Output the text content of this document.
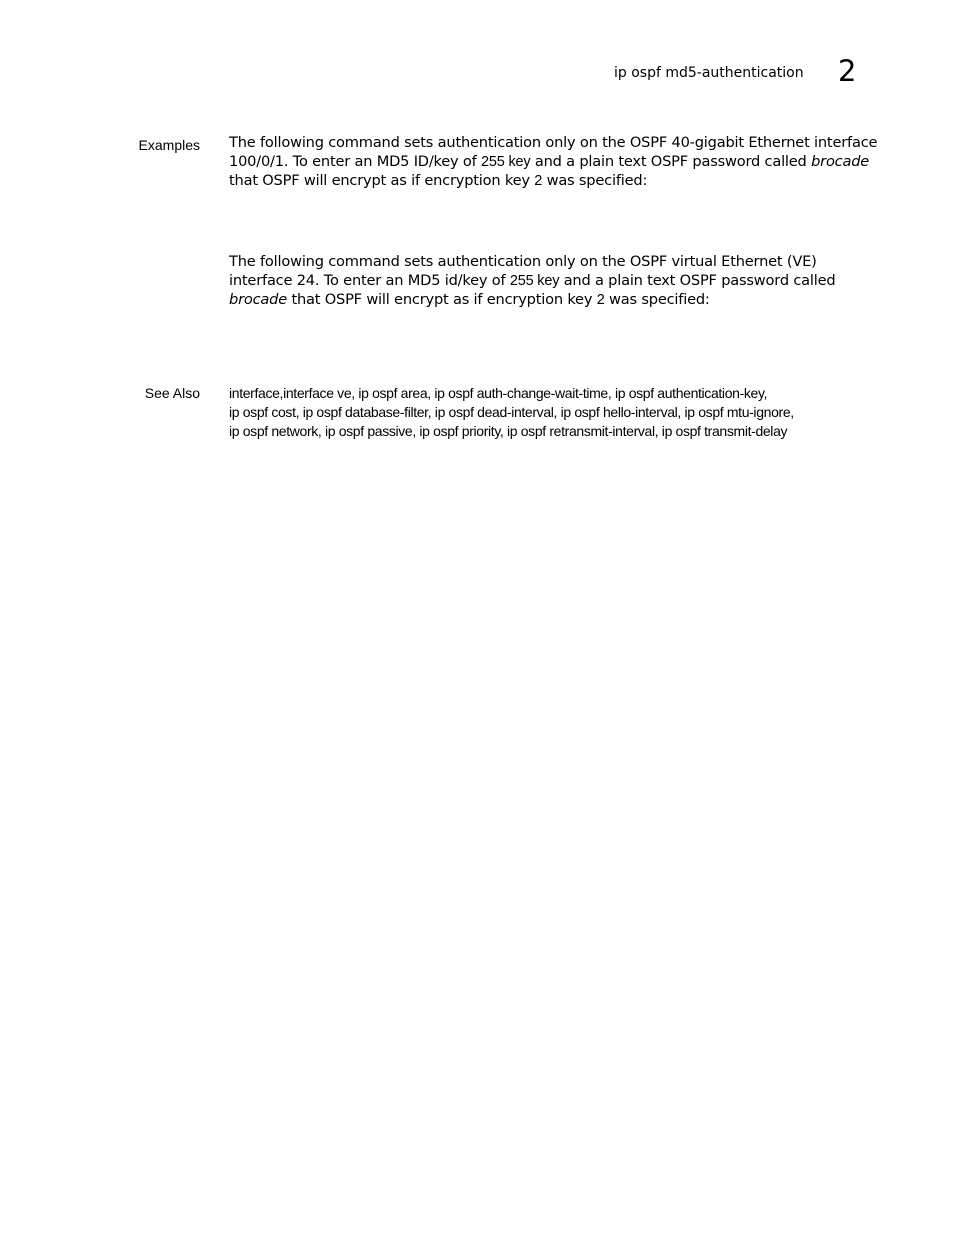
ip ospf md5-authentication 2
Examples The following command sets authentication only on the OSPF 40-gigabit Ethernet interface 100/0/1. To enter an MD5 ID/key of 255 key and a plain text OSPF password called brocade that OSPF will encrypt as if encryption key 2 was specified:

The following command sets authentication only on the OSPF virtual Ethernet (VE) interface 24. To enter an MD5 id/key of 255 key and a plain text OSPF password called brocade that OSPF will encrypt as if encryption key 2 was specified:

See Also interface,interface ve, ip ospf area, ip ospf auth-change-wait-time, ip ospf authentication-key,
ip ospf cost, ip ospf database-filter, ip ospf dead-interval, ip ospf hello-interval, ip ospf mtu-ignore,
ip ospf network, ip ospf passive, ip ospf priority, ip ospf retransmit-interval, ip ospf transmit-delay
